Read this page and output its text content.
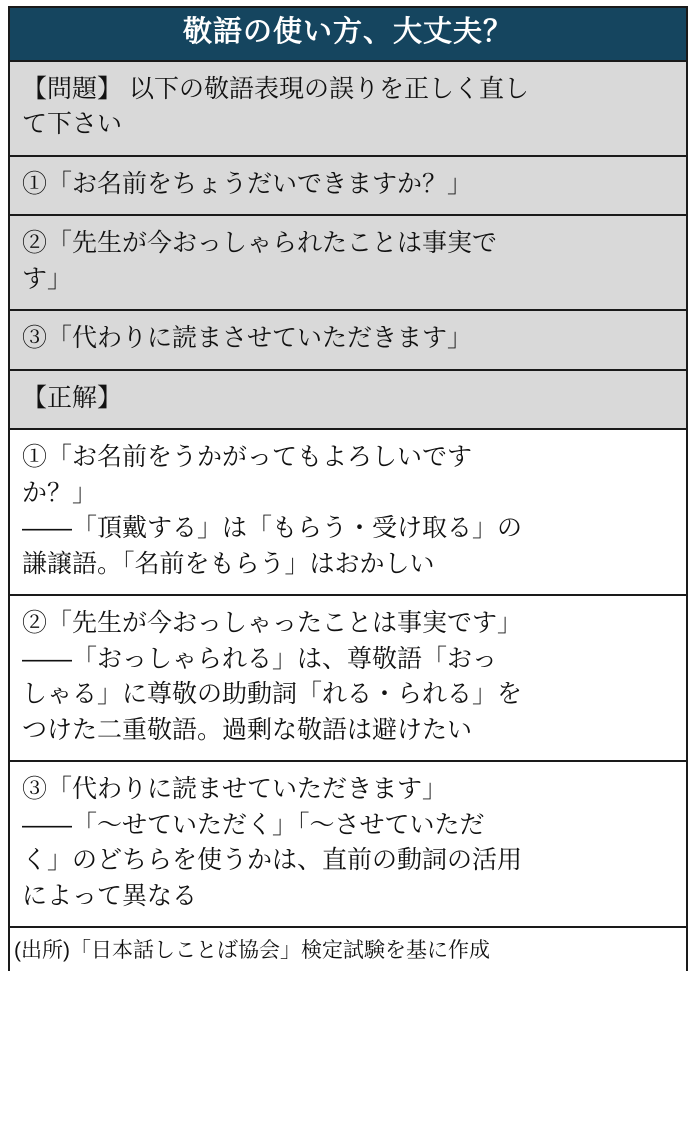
敬語の使い方、大丈夫？
【問題】 以下の敬語表現の誤りを正しく直し
て下さい
①「お名前をちょうだいできますか？」
②「先生が今おっしゃられたことは事実で
す」
③「代わりに読まさせていただきます」
【正解】
①「お名前をうかがってもよろしいです
か？」
――「頂戴する」は「もらう・受け取る」の
謙譲語。「名前をもらう」はおかしい
②「先生が今おっしゃったことは事実です」
――「おっしゃられる」は、尊敬語「おっ
しゃる」に尊敬の助動詞「れる・られる」を
つけた二重敬語。過剰な敬語は避けたい
③「代わりに読ませていただきます」
――「～せていただく」「～させていただ
く」のどちらを使うかは、直前の動詞の活用
によって異なる
(出所)「日本話しことば協会」検定試験を基に作成
